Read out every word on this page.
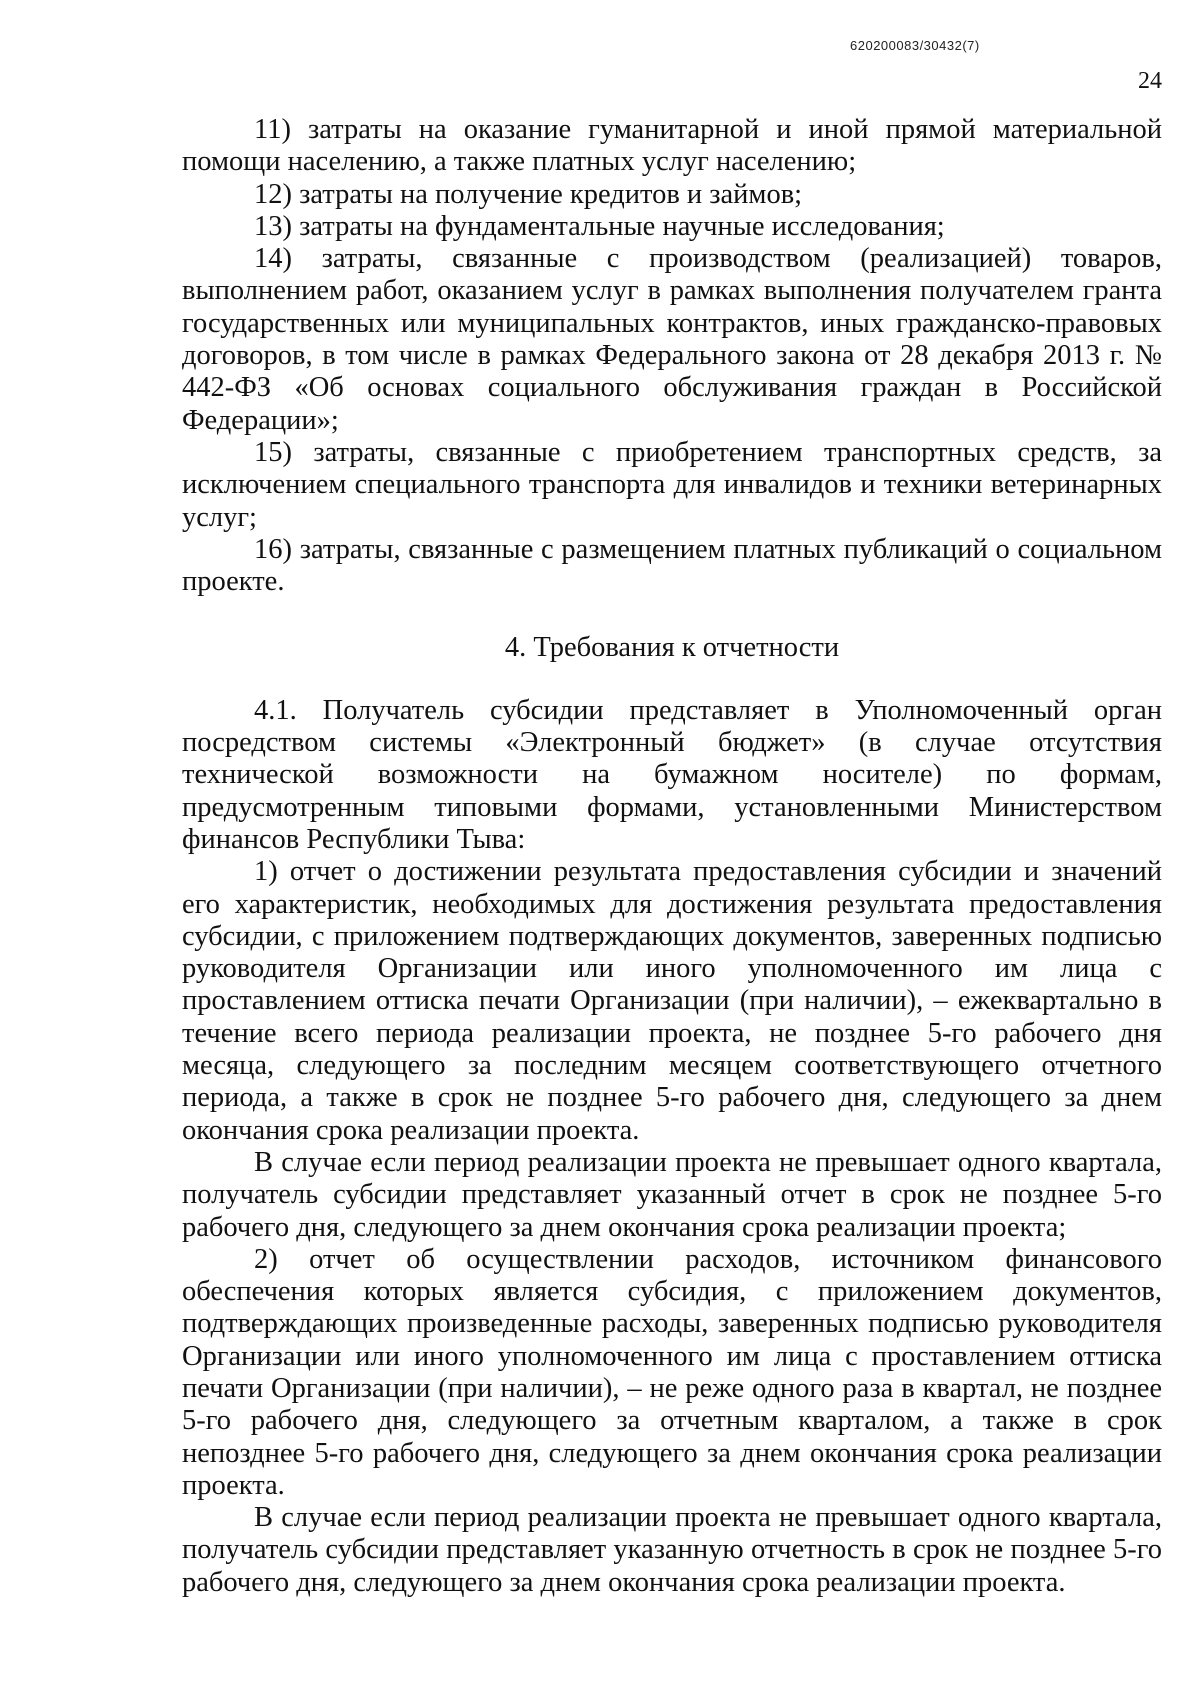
620200083/30432(7)
24

11) затраты на оказание гуманитарной и иной прямой материальной помощи населению, а также платных услуг населению;

12) затраты на получение кредитов и займов;

13) затраты на фундаментальные научные исследования;

14) затраты, связанные с производством (реализацией) товаров, выполнением работ, оказанием услуг в рамках выполнения получателем гранта государственных или муниципальных контрактов, иных гражданско-правовых договоров, в том числе в рамках Федерального закона от 28 декабря 2013 г. № 442-ФЗ «Об основах социального обслуживания граждан в Российской Федерации»;

15) затраты, связанные с приобретением транспортных средств, за исключением специального транспорта для инвалидов и техники ветеринарных услуг;

16) затраты, связанные с размещением платных публикаций о социальном проекте.

4. Требования к отчетности

4.1. Получатель субсидии представляет в Уполномоченный орган посредством системы «Электронный бюджет» (в случае отсутствия технической возможности на бумажном носителе) по формам, предусмотренным типовыми формами, установленными Министерством финансов Республики Тыва:

1) отчет о достижении результата предоставления субсидии и значений его характеристик, необходимых для достижения результата предоставления субсидии, с приложением подтверждающих документов, заверенных подписью руководителя Организации или иного уполномоченного им лица с проставлением оттиска печати Организации (при наличии), – ежеквартально в течение всего периода реализации проекта, не позднее 5-го рабочего дня месяца, следующего за последним месяцем соответствующего отчетного периода, а также в срок не позднее 5-го рабочего дня, следующего за днем окончания срока реализации проекта.

В случае если период реализации проекта не превышает одного квартала, получатель субсидии представляет указанный отчет в срок не позднее 5-го рабочего дня, следующего за днем окончания срока реализации проекта;

2) отчет об осуществлении расходов, источником финансового обеспечения которых является субсидия, с приложением документов, подтверждающих произведенные расходы, заверенных подписью руководителя Организации или иного уполномоченного им лица с проставлением оттиска печати Организации (при наличии), – не реже одного раза в квартал, не позднее 5-го рабочего дня, следующего за отчетным кварталом, а также в срок непозднее 5-го рабочего дня, следующего за днем окончания срока реализации проекта.

В случае если период реализации проекта не превышает одного квартала, получатель субсидии представляет указанную отчетность в срок не позднее 5-го рабочего дня, следующего за днем окончания срока реализации проекта.
